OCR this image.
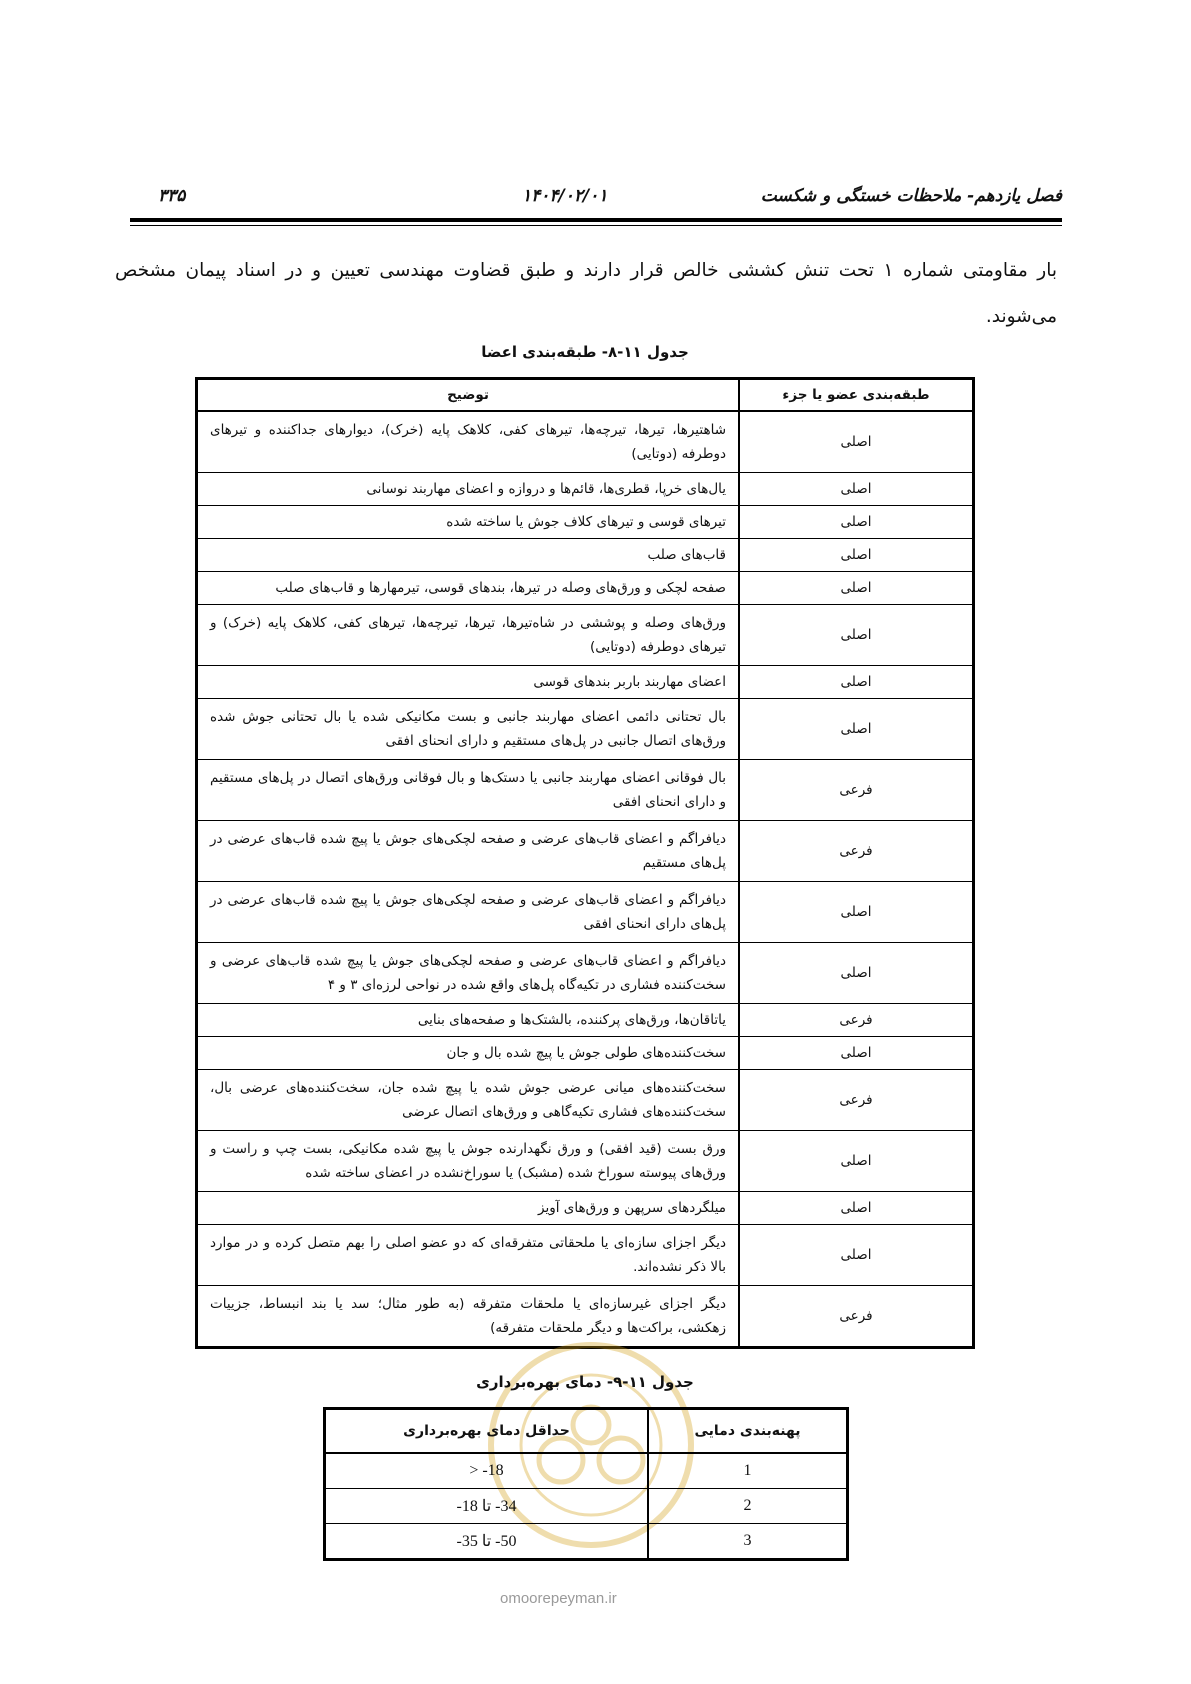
فصل یازدهم- ملاحظات خستگی و شکست
۱۴۰۴/۰۲/۰۱
۳۳۵

بار مقاومتی شماره ۱ تحت تنش کششی خالص قرار دارند و طبق قضاوت مهندسی تعیین و در اسناد پیمان مشخص می‌شوند.

جدول ۱۱-۸- طبقه‌بندی اعضا
طبقه‌بندی عضو یا جزء	توضیح
اصلی	شاهتیرها، تیرها، تیرچه‌ها، تیرهای کفی، کلاهک پایه (خرک)، دیوارهای جداکننده و تیرهای دوطرفه (دوتایی)
اصلی	یال‌های خرپا، قطری‌ها، قائم‌ها و دروازه و اعضای مهاربند نوسانی
اصلی	تیرهای قوسی و تیرهای کلاف جوش یا ساخته شده
اصلی	قاب‌های صلب
اصلی	صفحه لچکی و ورق‌های وصله در تیرها، بندهای قوسی، تیرمهارها و قاب‌های صلب
اصلی	ورق‌های وصله و پوششی در شاه‌تیرها، تیرها، تیرچه‌ها، تیرهای کفی، کلاهک پایه (خرک) و تیرهای دوطرفه (دوتایی)
اصلی	اعضای مهاربند باربر بندهای قوسی
اصلی	بال تحتانی دائمی اعضای مهاربند جانبی و بست مکانیکی شده یا بال تحتانی جوش شده ورق‌های اتصال جانبی در پل‌های مستقیم و دارای انحنای افقی
فرعی	بال فوقانی اعضای مهاربند جانبی یا دستک‌ها و بال فوقانی ورق‌های اتصال در پل‌های مستقیم و دارای انحنای افقی
فرعی	دیافراگم و اعضای قاب‌های عرضی و صفحه لچکی‌های جوش یا پیچ شده قاب‌های عرضی در پل‌های مستقیم
اصلی	دیافراگم و اعضای قاب‌های عرضی و صفحه لچکی‌های جوش یا پیچ شده قاب‌های عرضی در پل‌های دارای انحنای افقی
اصلی	دیافراگم و اعضای قاب‌های عرضی و صفحه لچکی‌های جوش یا پیچ شده قاب‌های عرضی و سخت‌کننده فشاری در تکیه‌گاه پل‌های واقع شده در نواحی لرزه‌ای ۳ و ۴
فرعی	یاتاقان‌ها، ورق‌های پرکننده، بالشتک‌ها و صفحه‌های بنایی
اصلی	سخت‌کننده‌های طولی جوش یا پیچ شده بال و جان
فرعی	سخت‌کننده‌های میانی عرضی جوش شده یا پیچ شده جان، سخت‌کننده‌های عرضی بال، سخت‌کننده‌های فشاری تکیه‌گاهی و ورق‌های اتصال عرضی
اصلی	ورق بست (قید افقی) و ورق نگهدارنده جوش یا پیچ شده مکانیکی، بست چپ و راست و ورق‌های پیوسته سوراخ شده (مشبک) یا سوراخ‌نشده در اعضای ساخته شده
اصلی	میلگردهای سرپهن و ورق‌های آویز
اصلی	دیگر اجزای سازه‌ای یا ملحقاتی متفرقه‌ای که دو عضو اصلی را بهم متصل کرده و در موارد بالا ذکر نشده‌اند.
فرعی	دیگر اجزای غیرسازه‌ای یا ملحقات متفرقه (به طور مثال؛ سد یا بند انبساط، جزییات زهکشی، براکت‌ها و دیگر ملحقات متفرقه)
omoorepeyman.ir
جدول ۱۱-۹- دمای بهره‌برداری
پهنه‌بندی دمایی	حداقل دمای بهره‌برداری
1	18- <
2	34- تا 18-
3	50- تا 35-
